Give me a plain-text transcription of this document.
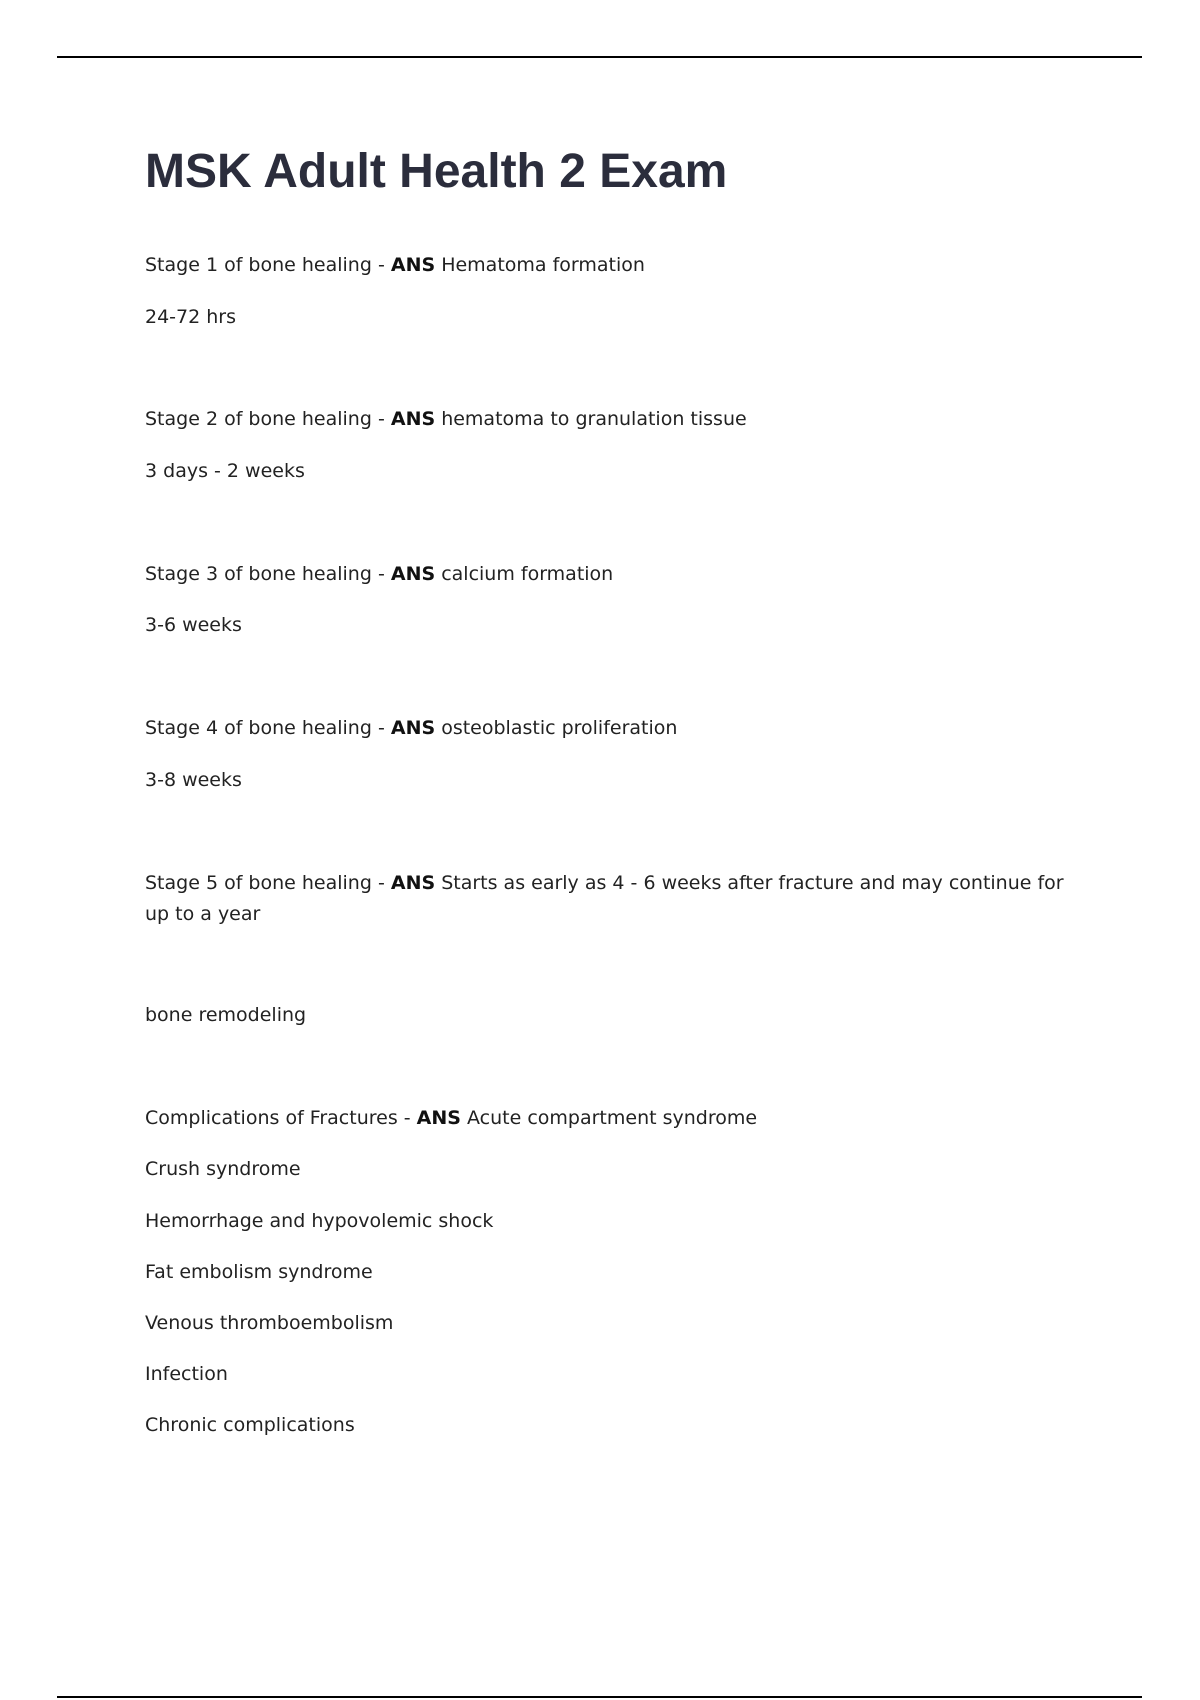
MSK Adult Health 2 Exam

Stage 1 of bone healing - ANS Hematoma formation

24-72 hrs

Stage 2 of bone healing - ANS hematoma to granulation tissue

3 days - 2 weeks

Stage 3 of bone healing - ANS calcium formation

3-6 weeks

Stage 4 of bone healing - ANS osteoblastic proliferation

3-8 weeks

Stage 5 of bone healing - ANS Starts as early as 4 - 6 weeks after fracture and may continue for up to a year

bone remodeling

Complications of Fractures - ANS Acute compartment syndrome

Crush syndrome

Hemorrhage and hypovolemic shock

Fat embolism syndrome

Venous thromboembolism

Infection

Chronic complications
